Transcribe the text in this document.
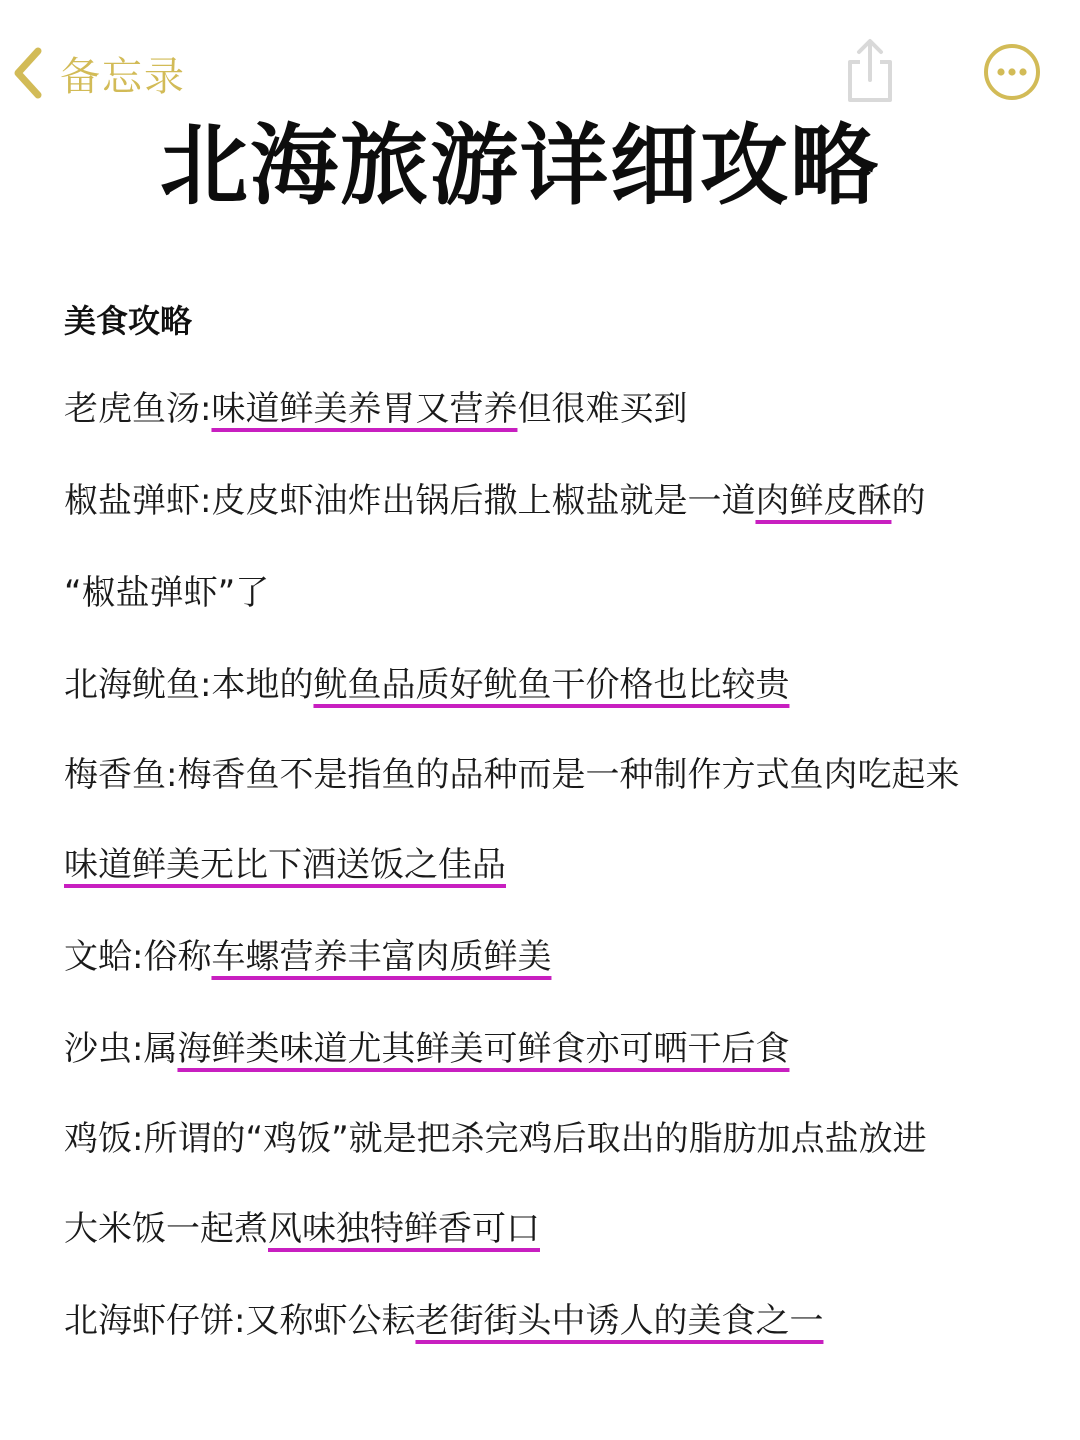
备忘录
北海旅游详细攻略
美食攻略
老虎鱼汤:味道鲜美养胃又营养但很难买到
椒盐弹虾:皮皮虾油炸出锅后撒上椒盐就是一道肉鲜皮酥的
“椒盐弹虾”了
北海鱿鱼:本地的鱿鱼品质好鱿鱼干价格也比较贵
梅香鱼:梅香鱼不是指鱼的品种而是一种制作方式鱼肉吃起来
味道鲜美无比下酒送饭之佳品
文蛤:俗称车螺营养丰富肉质鲜美
沙虫:属海鲜类味道尤其鲜美可鲜食亦可晒干后食
鸡饭:所谓的“鸡饭”就是把杀完鸡后取出的脂肪加点盐放进
大米饭一起煮风味独特鲜香可口
北海虾仔饼:又称虾公耘老街街头中诱人的美食之一
